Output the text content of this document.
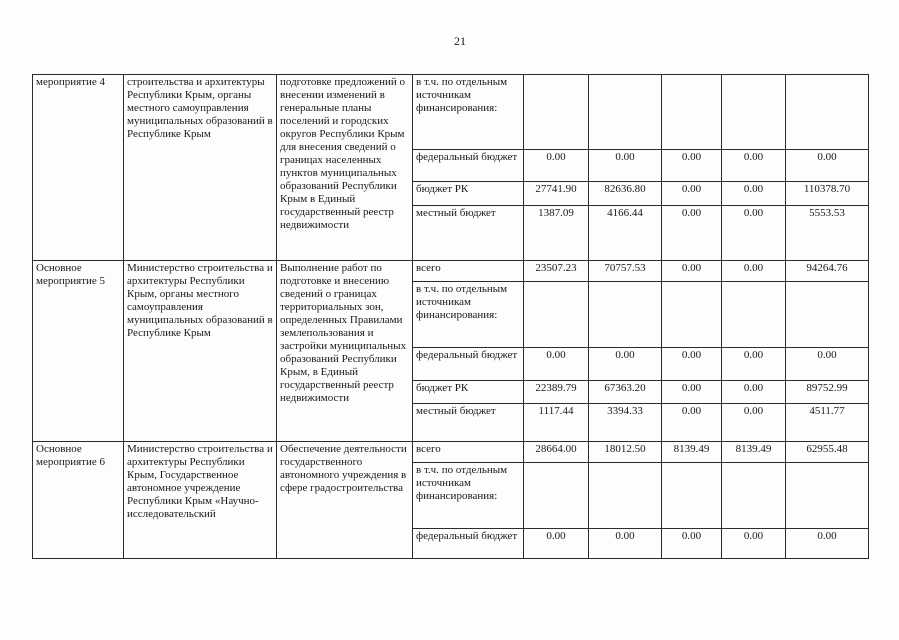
21
мероприятие 4	строительства и архитектуры Республики Крым, органы местного самоуправления муниципальных образований в Республике Крым	подготовке предложений о внесении изменений в генеральные планы поселений и городских округов Республики Крым для внесения сведений о границах населенных пунктов муниципальных образований Республики Крым в Единый государственный реестр недвижимости	в т.ч. по отдельным источникам финансирования:					
			федеральный бюджет	0.00	0.00	0.00	0.00	0.00
			бюджет РК	27741.90	82636.80	0.00	0.00	110378.70
			местный бюджет	1387.09	4166.44	0.00	0.00	5553.53
Основное мероприятие 5	Министерство строительства и архитектуры Республики Крым, органы местного самоуправления муниципальных образований в Республике Крым	Выполнение работ по подготовке и внесению сведений о границах территориальных зон, определенных Правилами землепользования и застройки муниципальных образований Республики Крым, в Единый государственный реестр недвижимости	всего	23507.23	70757.53	0.00	0.00	94264.76
			в т.ч. по отдельным источникам финансирования:					
			федеральный бюджет	0.00	0.00	0.00	0.00	0.00
			бюджет РК	22389.79	67363.20	0.00	0.00	89752.99
			местный бюджет	1117.44	3394.33	0.00	0.00	4511.77
Основное мероприятие 6	Министерство строительства и архитектуры Республики Крым, Государственное автономное учреждение Республики Крым «Научно-исследовательский	Обеспечение деятельности государственного автономного учреждения в сфере градостроительства	всего	28664.00	18012.50	8139.49	8139.49	62955.48
			в т.ч. по отдельным источникам финансирования:					
			федеральный бюджет	0.00	0.00	0.00	0.00	0.00
